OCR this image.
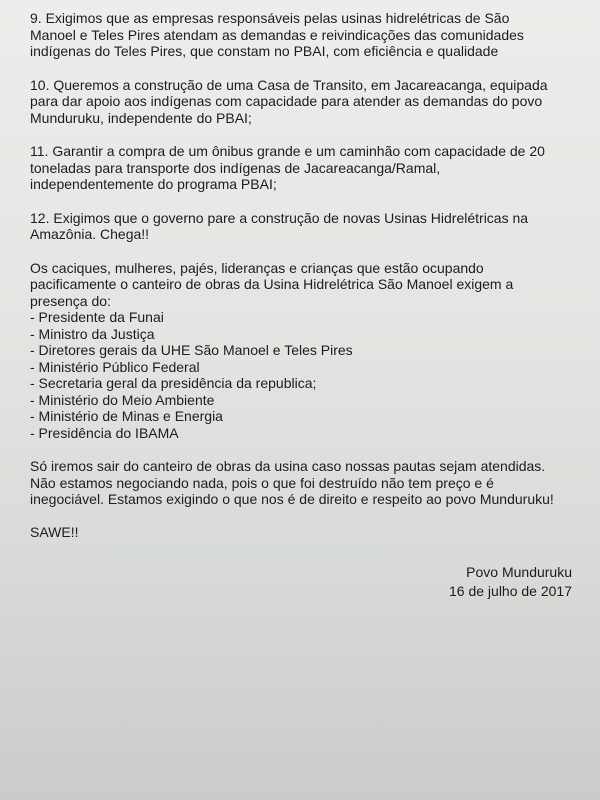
9. Exigimos que as empresas responsáveis pelas usinas hidrelétricas de São
Manoel e Teles Pires atendam as demandas e reivindicações das comunidades
indígenas do Teles Pires, que constam no PBAI, com eficiência e qualidade

10. Queremos a construção de uma Casa de Transito, em Jacareacanga, equipada
para dar apoio aos indígenas com capacidade para atender as demandas do povo
Munduruku, independente do PBAI;

11. Garantir a compra de um ônibus grande e um caminhão com capacidade de 20
toneladas para transporte dos indígenas de Jacareacanga/Ramal,
independentemente do programa PBAI;

12. Exigimos que o governo pare a construção de novas Usinas Hidrelétricas na
Amazônia. Chega!!

Os caciques, mulheres, pajés, lideranças e crianças que estão ocupando
pacificamente o canteiro de obras da Usina Hidrelétrica São Manoel exigem a
presença do:

- Presidente da Funai
- Ministro da Justiça
- Diretores gerais da UHE São Manoel e Teles Pires
- Ministério Público Federal
- Secretaria geral da presidência da republica;
- Ministério do Meio Ambiente
- Ministério de Minas e Energia
- Presidência do IBAMA

Só iremos sair do canteiro de obras da usina caso nossas pautas sejam atendidas.
Não estamos negociando nada, pois o que foi destruído não tem preço e é
inegociável. Estamos exigindo o que nos é de direito e respeito ao povo Munduruku!

SAWE!!
Povo Munduruku
16 de julho de 2017
